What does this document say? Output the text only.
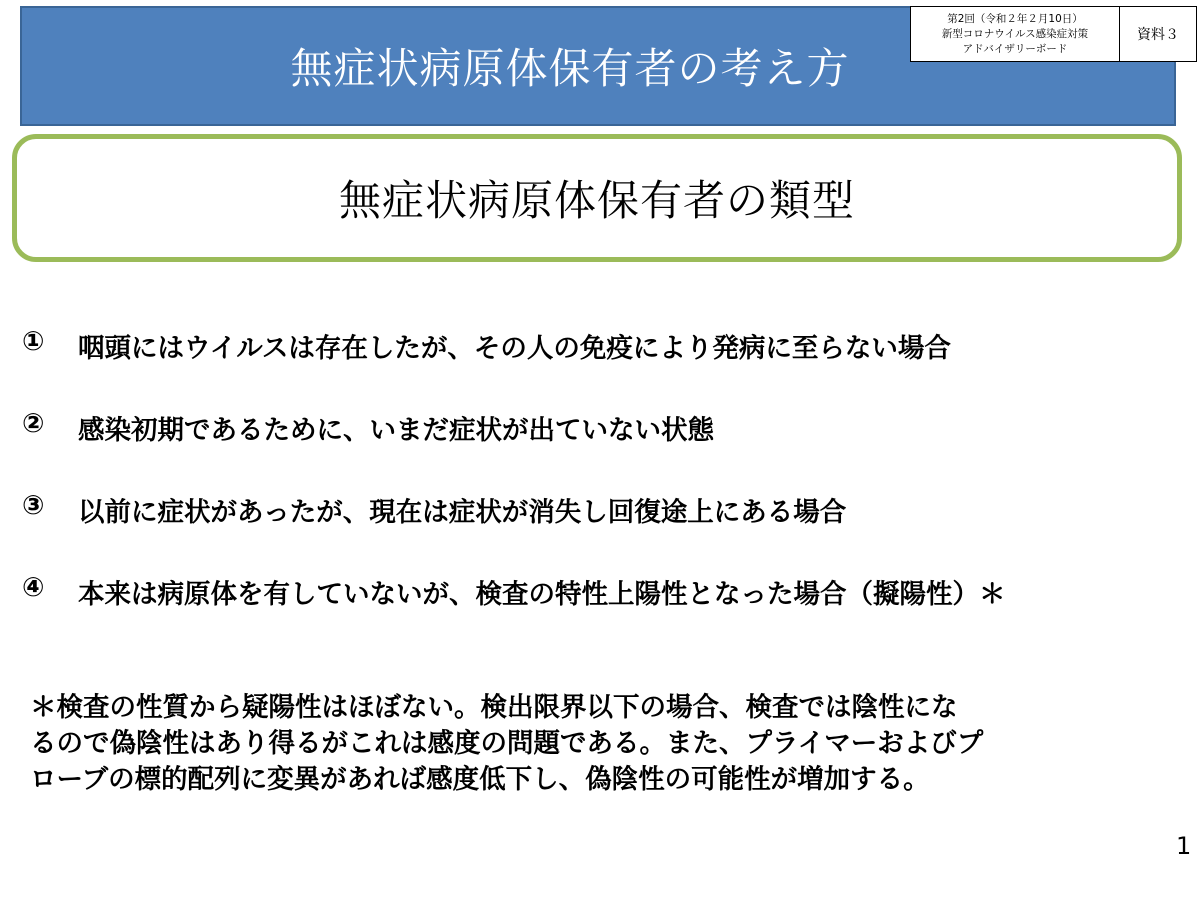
無症状病原体保有者の考え方
第2回（令和２年２月10日）
新型コロナウイルス感染症対策
アドバイザリーボード
資料３
無症状病原体保有者の類型
①	咽頭にはウイルスは存在したが、その人の免疫により発病に至らない場合
②	感染初期であるために、いまだ症状が出ていない状態
③	以前に症状があったが、現在は症状が消失し回復途上にある場合
④	本来は病原体を有していないが、検査の特性上陽性となった場合（擬陽性）＊
＊検査の性質から疑陽性はほぼない。検出限界以下の場合、検査では陰性にな
るので偽陰性はあり得るがこれは感度の問題である。また、プライマーおよびプ
ローブの標的配列に変異があれば感度低下し、偽陰性の可能性が増加する。
1
